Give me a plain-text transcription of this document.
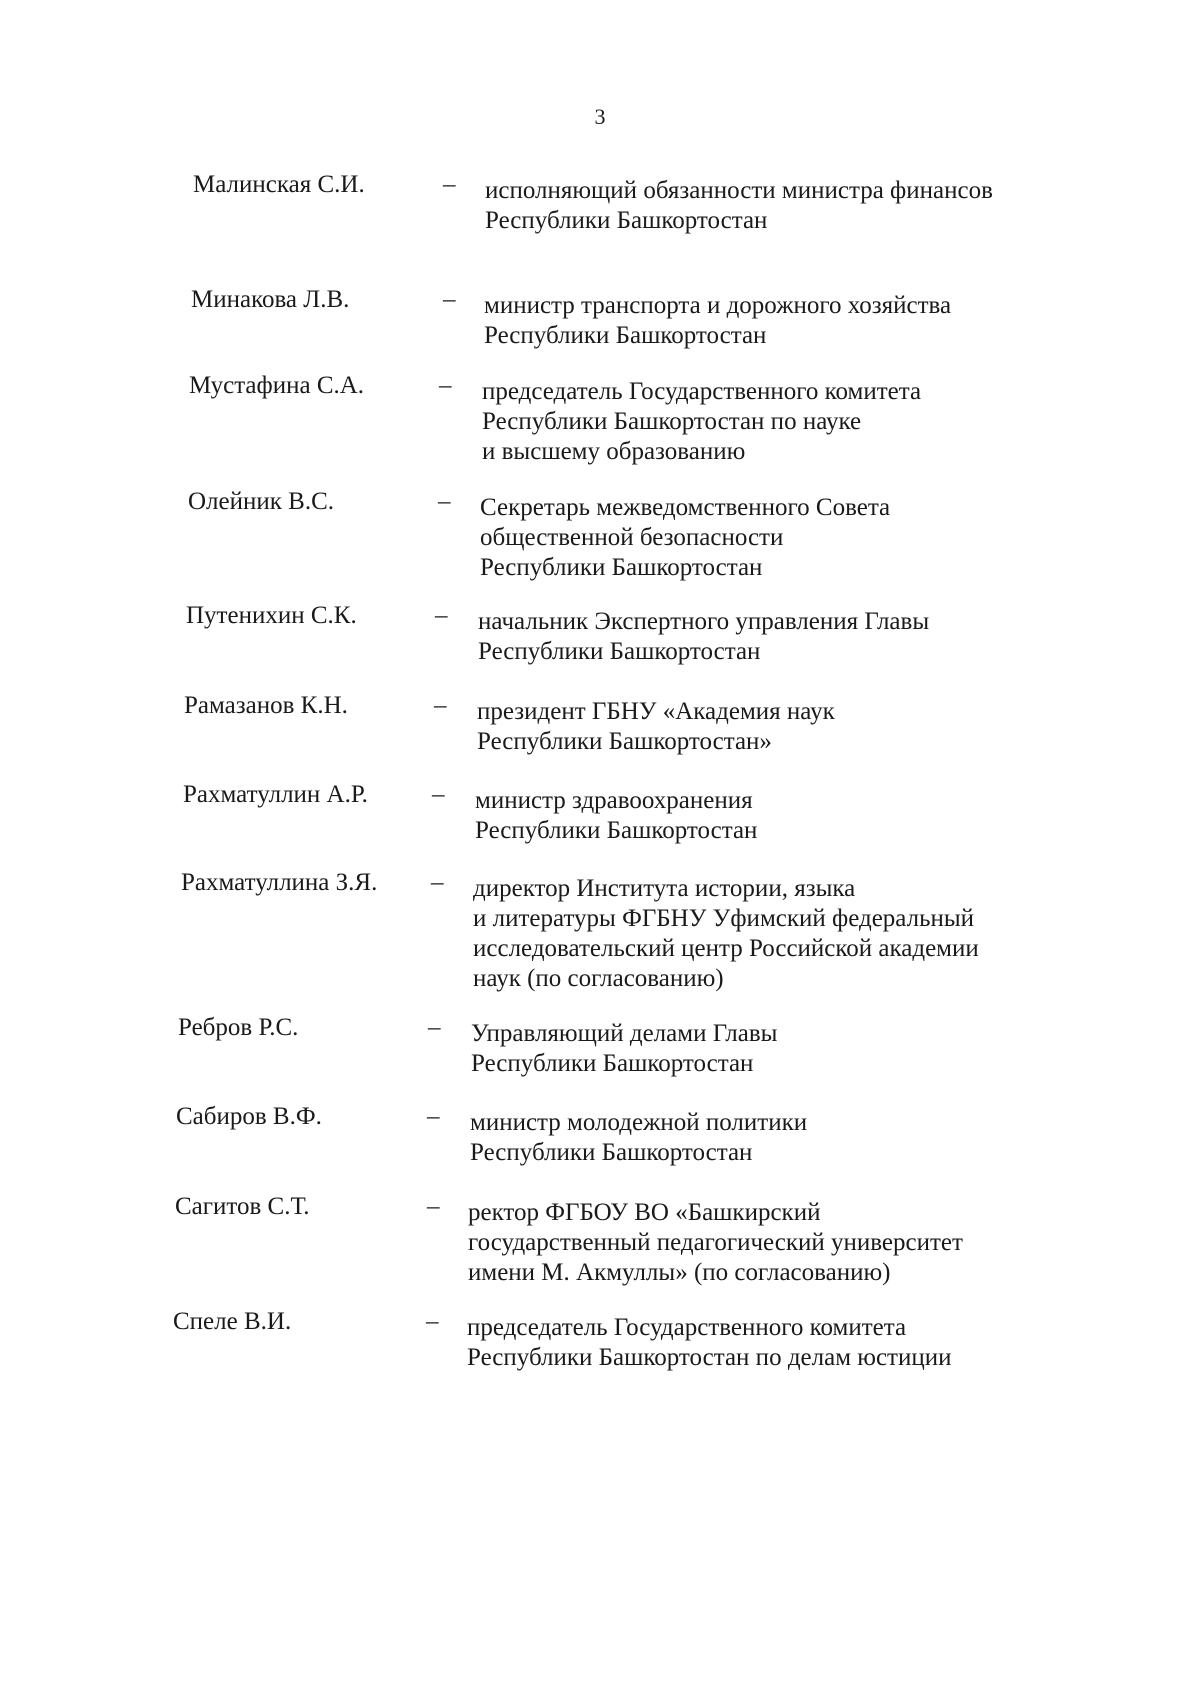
3
Малинская С.И.	– исполняющий обязанности министра финансов
Республики Башкортостан
Минакова Л.В.	– министр транспорта и дорожного хозяйства
Республики Башкортостан
Мустафина С.А.	– председатель Государственного комитета
Республики Башкортостан по науке
и высшему образованию
Олейник В.С.	– Секретарь межведомственного Совета
общественной безопасности
Республики Башкортостан
Путенихин С.К.	– начальник Экспертного управления Главы
Республики Башкортостан
Рамазанов К.Н.	– президент ГБНУ «Академия наук
Республики Башкортостан»
Рахматуллин А.Р.	– министр здравоохранения
Республики Башкортостан
Рахматуллина З.Я. – директор Института истории, языка
и литературы ФГБНУ Уфимский федеральный
исследовательский центр Российской академии
наук (по согласованию)
Ребров Р.С.	– Управляющий делами Главы
Республики Башкортостан
Сабиров В.Ф.	– министр молодежной политики
Республики Башкортостан
Сагитов С.Т.	– ректор ФГБОУ ВО «Башкирский
государственный педагогический университет
имени М. Акмуллы» (по согласованию)
Спеле В.И.	– председатель Государственного комитета
Республики Башкортостан по делам юстиции
